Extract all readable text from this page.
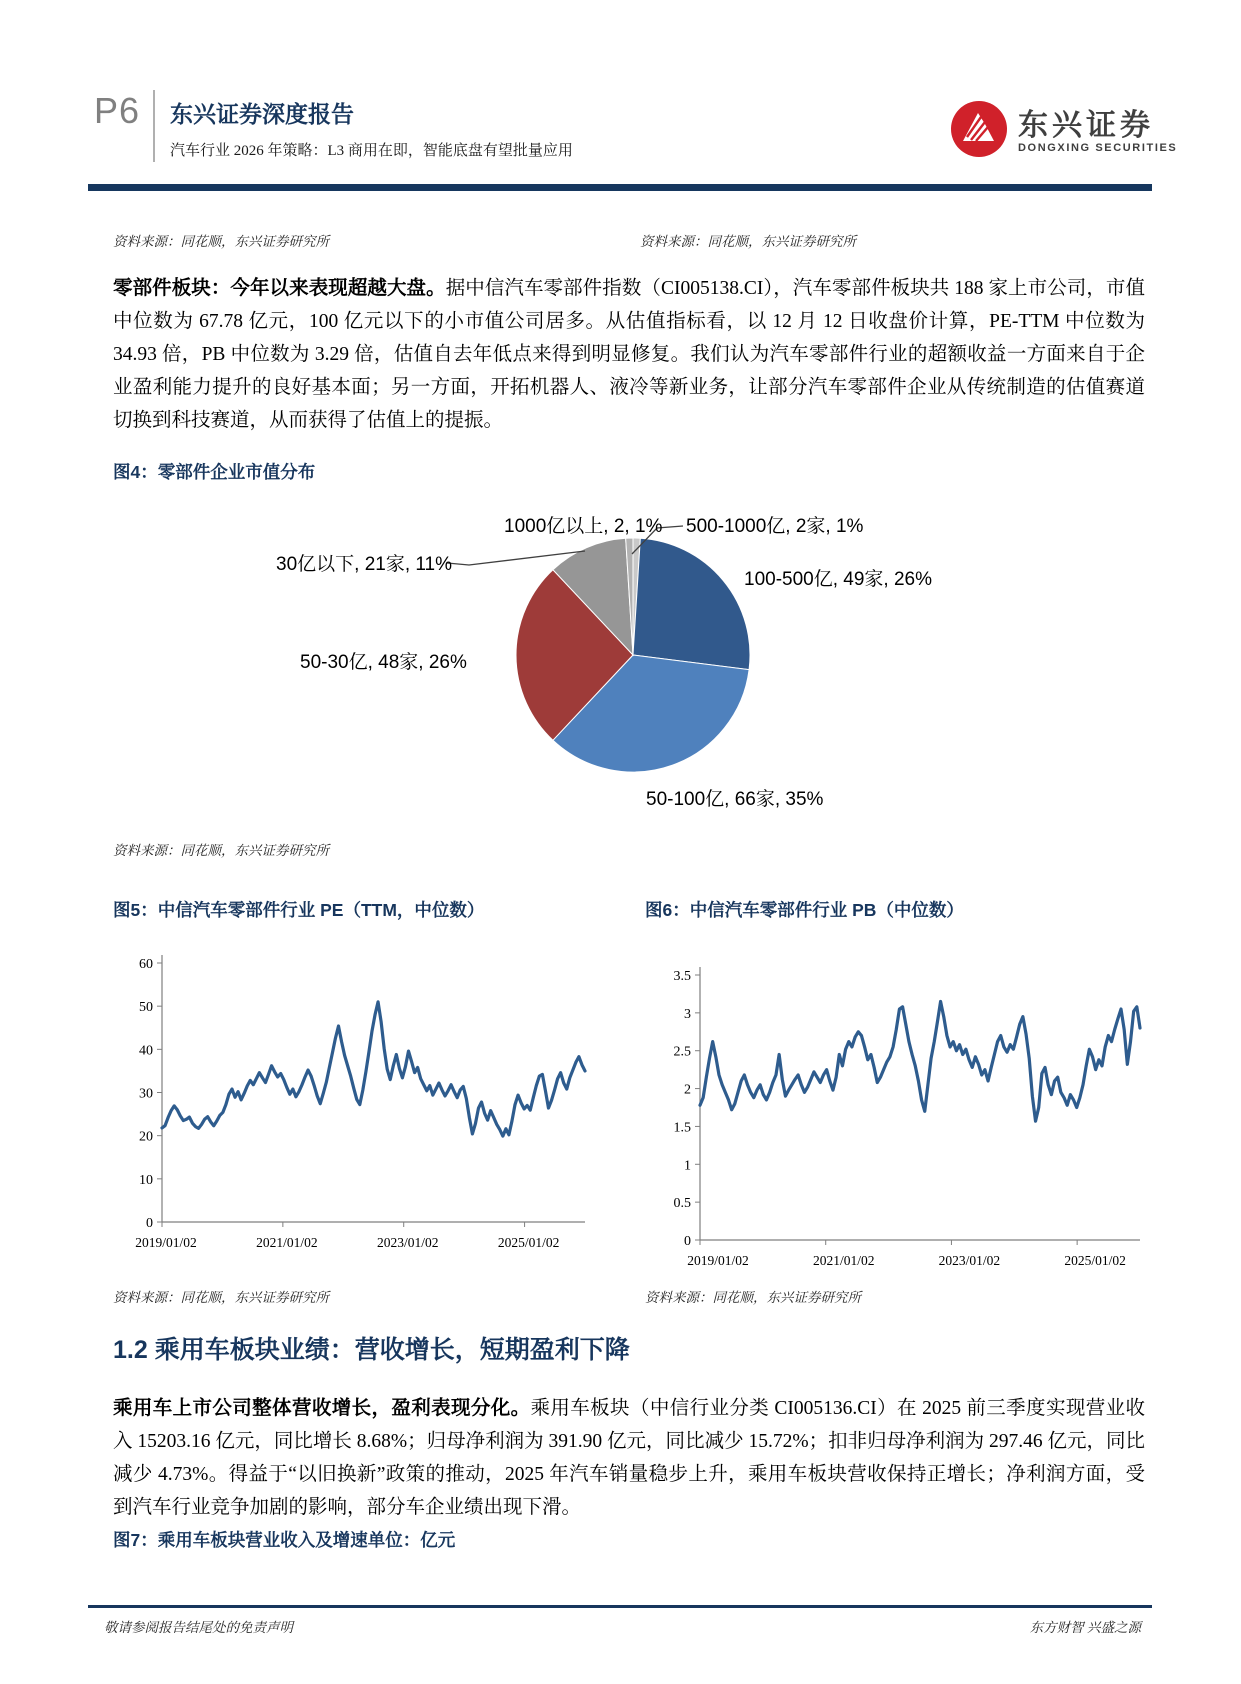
P6 东兴证券深度报告
汽车行业 2026 年策略：L3 商用在即，智能底盘有望批量应用
东兴证券
DONGXING SECURITIES
资料来源：同花顺，东兴证券研究所	资料来源：同花顺，东兴证券研究所

零部件板块：今年以来表现超越大盘。据中信汽车零部件指数（CI005138.CI），汽车零部件板块共 188 家上市公司，市值中位数为 67.78 亿元，100 亿元以下的小市值公司居多。从估值指标看，以 12 月 12 日收盘价计算，PE-TTM 中位数为 34.93 倍，PB 中位数为 3.29 倍，估值自去年低点来得到明显修复。我们认为汽车零部件行业的超额收益一方面来自于企业盈利能力提升的良好基本面；另一方面，开拓机器人、液冷等新业务，让部分汽车零部件企业从传统制造的估值赛道切换到科技赛道，从而获得了估值上的提振。

图4：零部件企业市值分布
1000亿以上, 2, 1% 500-1000亿, 2家, 1%
30亿以下, 21家, 11%
100-500亿, 49家, 26%
50-30亿, 48家, 26%
50-100亿, 66家, 35%
资料来源：同花顺，东兴证券研究所
图5：中信汽车零部件行业 PE（TTM，中位数）	图6：中信汽车零部件行业 PB（中位数）
0
10
20
30
40
50
60
2019/01/02	2021/01/02	2023/01/02	2025/01/02	0
0.5
1
1.5
2
2.5
3
3.5
2019/01/02	2021/01/02	2023/01/02	2025/01/02
资料来源：同花顺，东兴证券研究所	资料来源：同花顺，东兴证券研究所
1.2 乘用车板块业绩：营收增长，短期盈利下降

乘用车上市公司整体营收增长，盈利表现分化。乘用车板块（中信行业分类 CI005136.CI）在 2025 前三季度实现营业收入 15203.16 亿元，同比增长 8.68%；归母净利润为 391.90 亿元，同比减少 15.72%；扣非归母净利润为 297.46 亿元，同比减少 4.73%。得益于“以旧换新”政策的推动，2025 年汽车销量稳步上升，乘用车板块营收保持正增长；净利润方面，受到汽车行业竞争加剧的影响，部分车企业绩出现下滑。

图7：乘用车板块营业收入及增速单位：亿元
敬请参阅报告结尾处的免责声明	东方财智 兴盛之源
